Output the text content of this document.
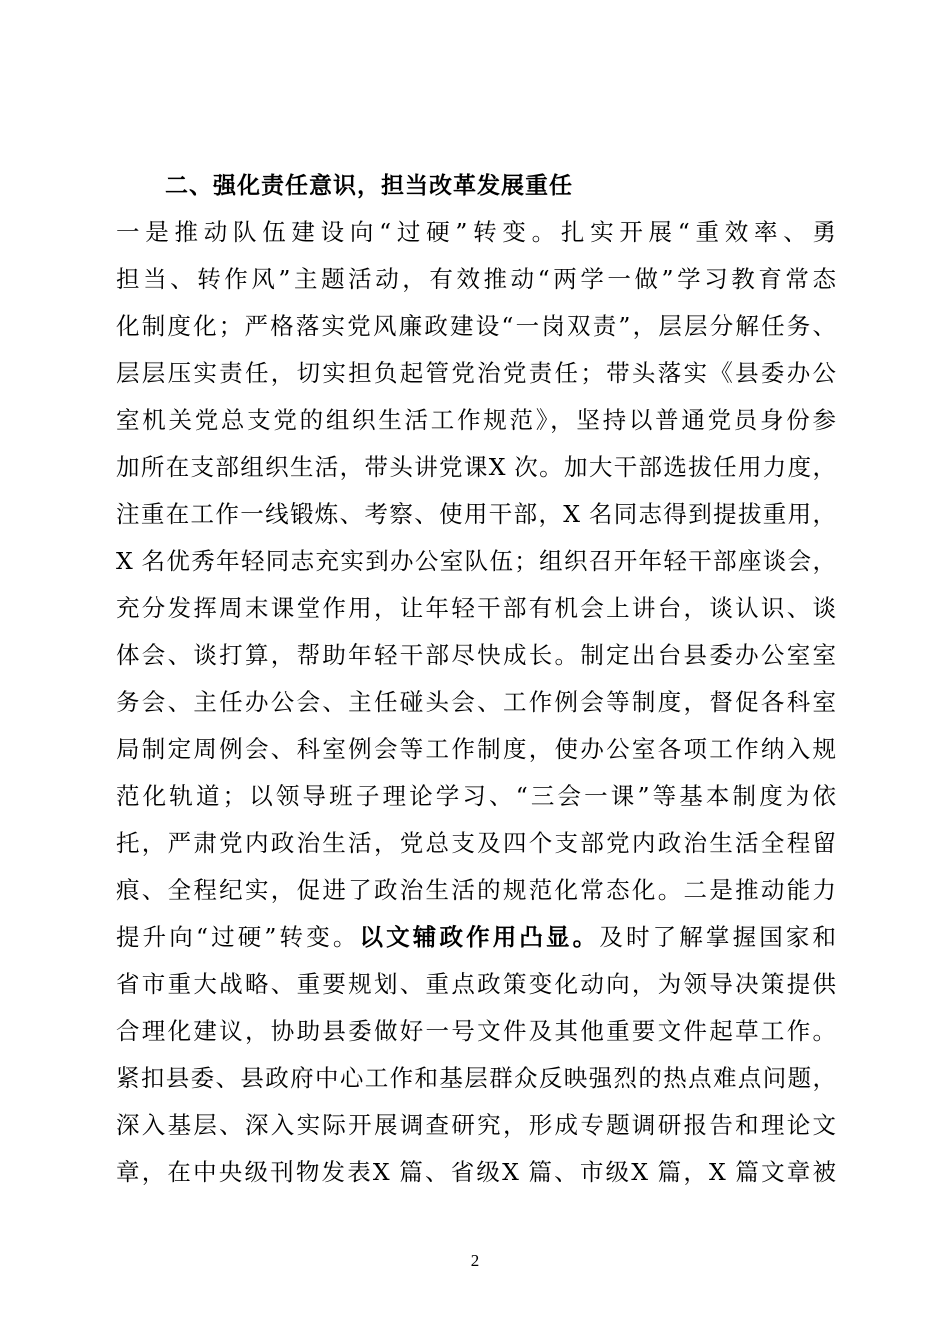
二、强化责任意识，担当改革发展重任
一是推动队伍建设向“过硬”转变。扎实开展“重效率、勇
担当、转作风”主题活动，有效推动“两学一做”学习教育常态
化制度化；严格落实党风廉政建设“一岗双责”，层层分解任务、
层层压实责任，切实担负起管党治党责任；带头落实《县委办公
室机关党总支党的组织生活工作规范》，坚持以普通党员身份参
加所在支部组织生活，带头讲党课X 次。加大干部选拔任用力度，
注重在工作一线锻炼、考察、使用干部，X 名同志得到提拔重用，
X 名优秀年轻同志充实到办公室队伍；组织召开年轻干部座谈会，
充分发挥周末课堂作用，让年轻干部有机会上讲台，谈认识、谈
体会、谈打算，帮助年轻干部尽快成长。制定出台县委办公室室
务会、主任办公会、主任碰头会、工作例会等制度，督促各科室
局制定周例会、科室例会等工作制度，使办公室各项工作纳入规
范化轨道；以领导班子理论学习、“三会一课”等基本制度为依
托，严肃党内政治生活，党总支及四个支部党内政治生活全程留
痕、全程纪实，促进了政治生活的规范化常态化。二是推动能力
提升向“过硬”转变。以文辅政作用凸显。及时了解掌握国家和
省市重大战略、重要规划、重点政策变化动向，为领导决策提供
合理化建议，协助县委做好一号文件及其他重要文件起草工作。
紧扣县委、县政府中心工作和基层群众反映强烈的热点难点问题，
深入基层、深入实际开展调查研究，形成专题调研报告和理论文
章，在中央级刊物发表X 篇、省级X 篇、市级X 篇，X 篇文章被
2
